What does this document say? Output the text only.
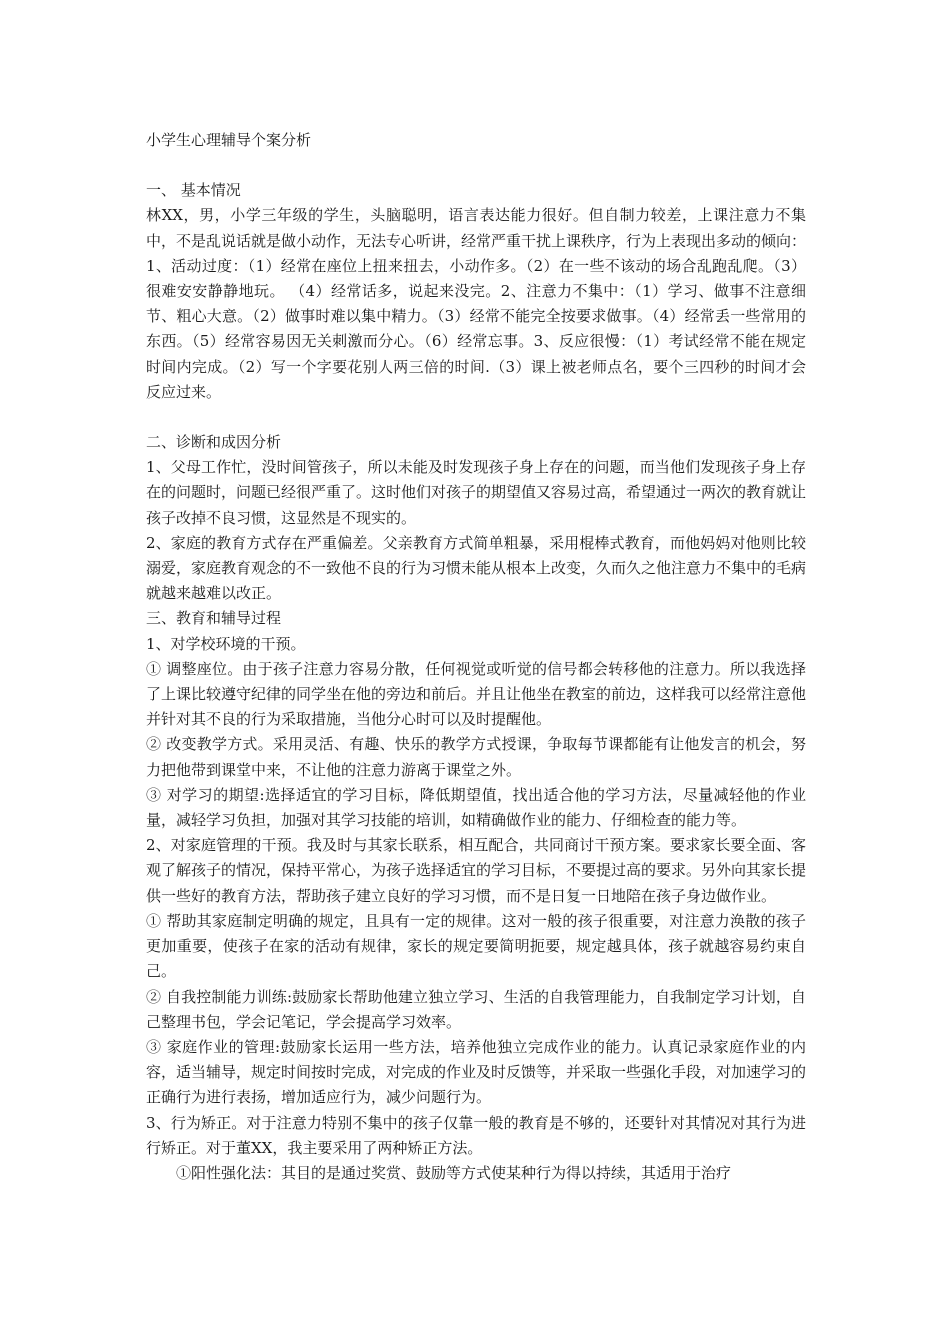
小学生心理辅导个案分析

一、 基本情况

林XX，男，小学三年级的学生，头脑聪明，语言表达能力很好。但自制力较差，上课注意力不集中，不是乱说话就是做小动作，无法专心听讲，经常严重干扰上课秩序，行为上表现出多动的倾向：1、活动过度：（1）经常在座位上扭来扭去，小动作多。（2）在一些不该动的场合乱跑乱爬。（3）很难安安静静地玩。 （4）经常话多，说起来没完。2、注意力不集中：（1）学习、做事不注意细节、粗心大意。（2）做事时难以集中精力。（3）经常不能完全按要求做事。（4）经常丢一些常用的东西。（5）经常容易因无关刺激而分心。（6）经常忘事。3、反应很慢：（1）考试经常不能在规定时间内完成。（2）写一个字要花别人两三倍的时间.（3）课上被老师点名，要个三四秒的时间才会反应过来。

二、诊断和成因分析

1、父母工作忙，没时间管孩子，所以未能及时发现孩子身上存在的问题，而当他们发现孩子身上存在的问题时，问题已经很严重了。这时他们对孩子的期望值又容易过高，希望通过一两次的教育就让孩子改掉不良习惯，这显然是不现实的。

2、家庭的教育方式存在严重偏差。父亲教育方式简单粗暴，采用棍棒式教育，而他妈妈对他则比较溺爱，家庭教育观念的不一致他不良的行为习惯未能从根本上改变，久而久之他注意力不集中的毛病就越来越难以改正。

三、教育和辅导过程

1、对学校环境的干预。

① 调整座位。由于孩子注意力容易分散，任何视觉或听觉的信号都会转移他的注意力。所以我选择了上课比较遵守纪律的同学坐在他的旁边和前后。并且让他坐在教室的前边，这样我可以经常注意他并针对其不良的行为采取措施，当他分心时可以及时提醒他。

② 改变教学方式。采用灵活、有趣、快乐的教学方式授课，争取每节课都能有让他发言的机会，努力把他带到课堂中来，不让他的注意力游离于课堂之外。

③ 对学习的期望:选择适宜的学习目标，降低期望值，找出适合他的学习方法，尽量减轻他的作业量，减轻学习负担，加强对其学习技能的培训，如精确做作业的能力、仔细检查的能力等。

2、对家庭管理的干预。我及时与其家长联系，相互配合，共同商讨干预方案。要求家长要全面、客观了解孩子的情况，保持平常心，为孩子选择适宜的学习目标，不要提过高的要求。另外向其家长提供一些好的教育方法，帮助孩子建立良好的学习习惯，而不是日复一日地陪在孩子身边做作业。

① 帮助其家庭制定明确的规定，且具有一定的规律。这对一般的孩子很重要，对注意力涣散的孩子更加重要，使孩子在家的活动有规律，家长的规定要简明扼要，规定越具体，孩子就越容易约束自己。

② 自我控制能力训练:鼓励家长帮助他建立独立学习、生活的自我管理能力，自我制定学习计划，自己整理书包，学会记笔记，学会提高学习效率。

③ 家庭作业的管理:鼓励家长运用一些方法，培养他独立完成作业的能力。认真记录家庭作业的内容，适当辅导，规定时间按时完成，对完成的作业及时反馈等，并采取一些强化手段，对加速学习的正确行为进行表扬，增加适应行为，减少问题行为。

3、行为矫正。对于注意力特别不集中的孩子仅靠一般的教育是不够的，还要针对其情况对其行为进行矫正。对于董XX，我主要采用了两种矫正方法。

①阳性强化法：其目的是通过奖赏、鼓励等方式使某种行为得以持续，其适用于治疗
